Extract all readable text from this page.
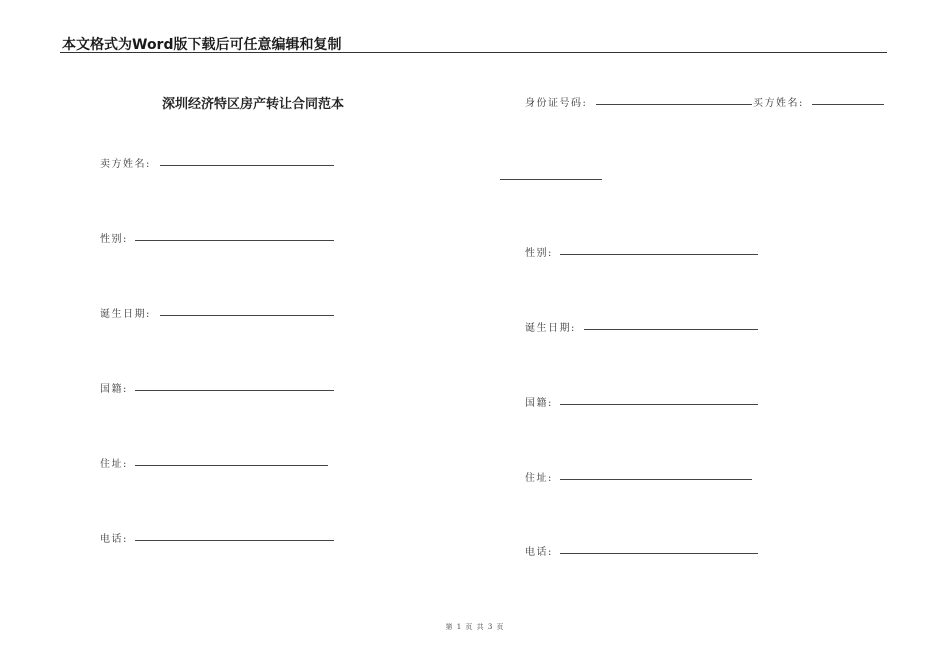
本文格式为Word版下载后可任意编辑和复制
深圳经济特区房产转让合同范本
卖方姓名:
性别:
诞生日期:
国籍:
住址:
电话:
身份证号码:	买方姓名:
性别:
诞生日期:
国籍:
住址:
电话:
第 1 页 共 3 页
